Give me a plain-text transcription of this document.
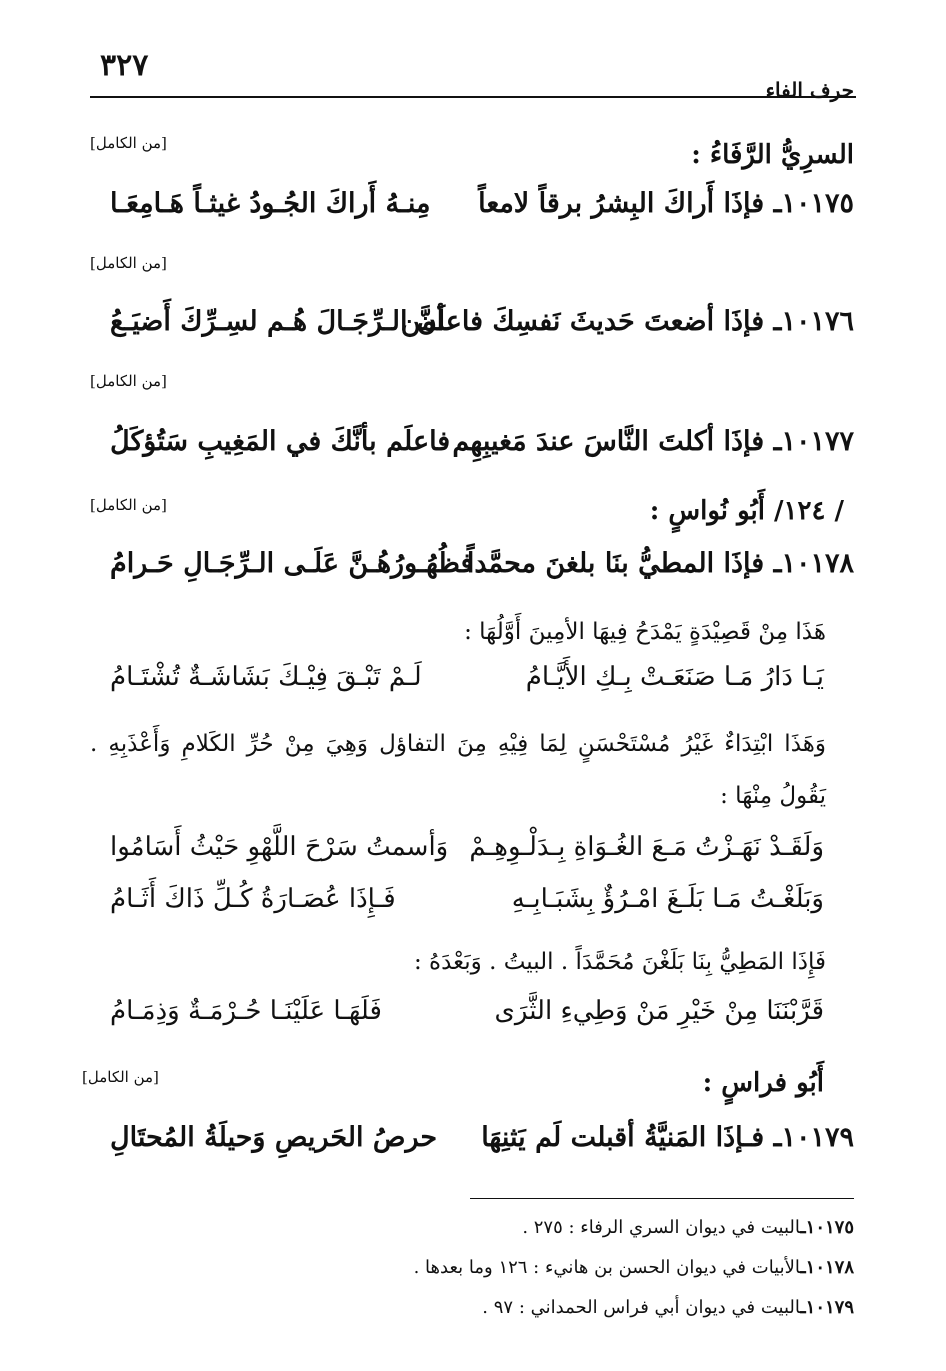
حرف الفاء
٣٢٧
السرِيُّ الرَّفَاءُ :
[من الكامل]
١٠١٧٥ـ فإذَا أَراكَ البِشرُ برقاً لامعاً
مِنـهُ أَراكَ الجُـودُ غيثـاً هَـامِعَـا
[من الكامل]
١٠١٧٦ـ فإذَا أضعتَ حَديثَ نَفسِكَ فاعلَمن
أنَّ الـرِّجَـالَ هُـم لسِـرِّكَ أَضيَـعُ
[من الكامل]
١٠١٧٧ـ فإذَا أكلتَ النَّاسَ عندَ مَغيبِهِم
فاعلَم بأنَّكَ في المَغِيبِ سَتُؤكَلُ
/ ١٢٤/ أَبُو نُواسٍ :
[من الكامل]
١٠١٧٨ـ فإذَا المطيُّ بنَا بلغنَ محمَّداً
فظُهُـورُهُـنَّ عَلَـى الـرِّجَـالِ حَـرامُ
هَذَا مِنْ قَصِيْدَةٍ يَمْدَحُ فِيهَا الأمِينَ أَوَّلُهَا :
يَـا دَارُ مَـا صَنَعَـتْ بِـكِ الأَيَّـامُ
لَـمْ تَبْـقَ فِيْـكَ بَشَاشَـةٌ تُشْتَـامُ
وَهَذَا ابْتِدَاءٌ غَيْرُ مُسْتَحْسَنٍ لِمَا فِيْهِ مِنَ التفاؤل وَهِيَ مِنْ حُرِّ الكَلامِ وَأَعْذَبِهِ . يَقُولُ مِنْهَا :
وَلَقَـدْ نَهَـزْتُ مَـعَ الغُـوَاةِ بِـدَلْـوِهِـمْ
وَأسمتُ سَرْحَ اللَّهْوِ حَيْثُ أَسَامُوا
وَبَلَغْـتُ مَـا بَلَـغَ امْـرُؤٌ بِشَبَـابِـهِ
فَـإِذَا عُصَـارَةُ كُـلِّ ذَاكَ أَثَـامُ
فَإِذَا المَطِيُّ بِنَا بَلَغْنَ مُحَمَّدَاً . البيتُ . وَبَعْدَهُ :
قَرَّبْنَنَا مِنْ خَيْرِ مَنْ وَطِيءِ الثَّرَى
فَلَهَـا عَلَيْنَـا حُـرْمَـةٌ وَذِمَـامُ
أَبُو فراسٍ :
[من الكامل]
١٠١٧٩ـ فـإذَا المَنيَّةُ أقبلت لَم يَثنِهَا
حرصُ الحَريصِ وَحيلَةُ المُحتَالِ
١٠١٧٥ـالبيت في ديوان السري الرفاء : ٢٧٥ .
١٠١٧٨ـالأبيات في ديوان الحسن بن هانيء : ١٢٦ وما بعدها .
١٠١٧٩ـالبيت في ديوان أبي فراس الحمداني : ٩٧ .
